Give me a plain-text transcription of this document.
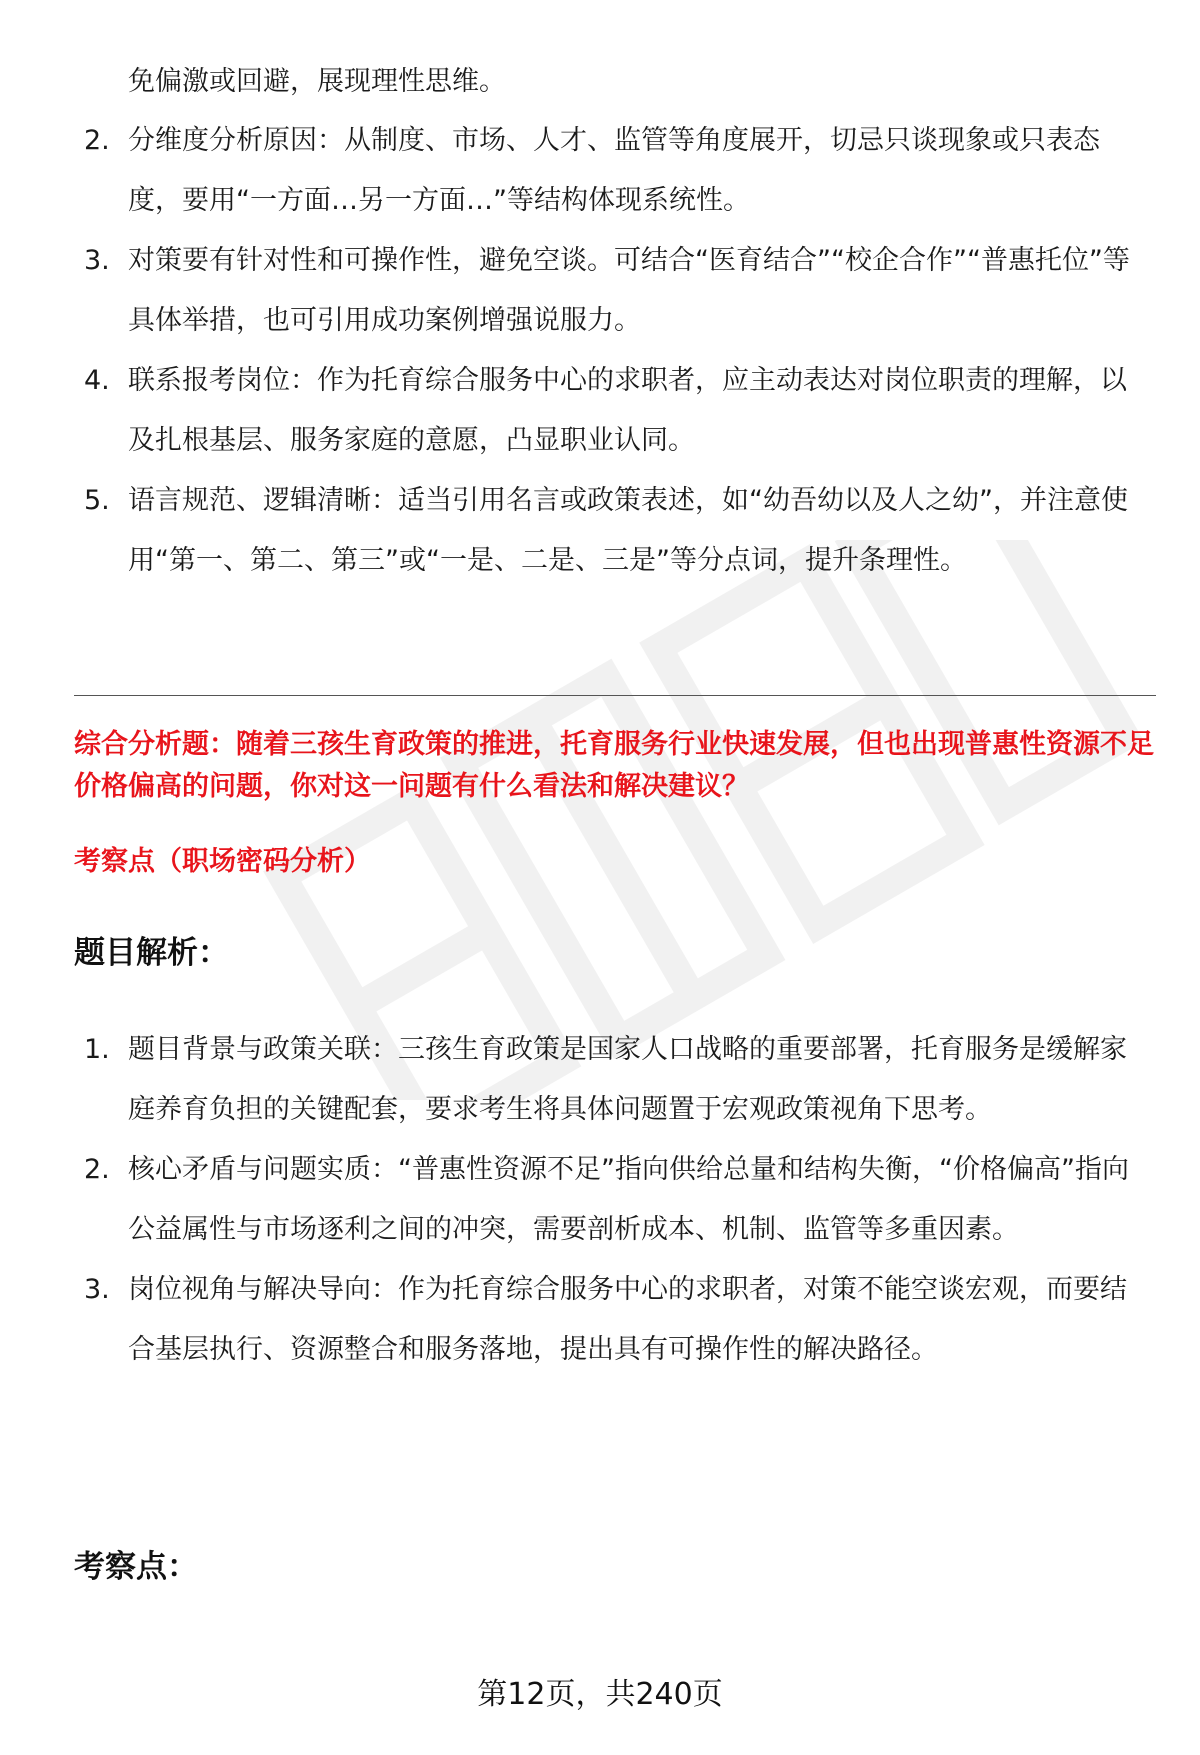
免偏激或回避，展现理性思维。

2. 分维度分析原因：从制度、市场、人才、监管等角度展开，切忌只谈现象或只表态度，要用“一方面…另一方面…”等结构体现系统性。
3. 对策要有针对性和可操作性，避免空谈。可结合“医育结合”“校企合作”“普惠托位”等具体举措，也可引用成功案例增强说服力。
4. 联系报考岗位：作为托育综合服务中心的求职者，应主动表达对岗位职责的理解，以及扎根基层、服务家庭的意愿，凸显职业认同。
5. 语言规范、逻辑清晰：适当引用名言或政策表述，如“幼吾幼以及人之幼”，并注意使用“第一、第二、第三”或“一是、二是、三是”等分点词，提升条理性。

综合分析题：随着三孩生育政策的推进，托育服务行业快速发展，但也出现普惠性资源不足价格偏高的问题，你对这一问题有什么看法和解决建议？

考察点（职场密码分析）

题目解析：
1. 题目背景与政策关联：三孩生育政策是国家人口战略的重要部署，托育服务是缓解家庭养育负担的关键配套，要求考生将具体问题置于宏观政策视角下思考。
2. 核心矛盾与问题实质：“普惠性资源不足”指向供给总量和结构失衡，“价格偏高”指向公益属性与市场逐利之间的冲突，需要剖析成本、机制、监管等多重因素。
3. 岗位视角与解决导向：作为托育综合服务中心的求职者，对策不能空谈宏观，而要结合基层执行、资源整合和服务落地，提出具有可操作性的解决路径。
考察点：
第12页，共240页
